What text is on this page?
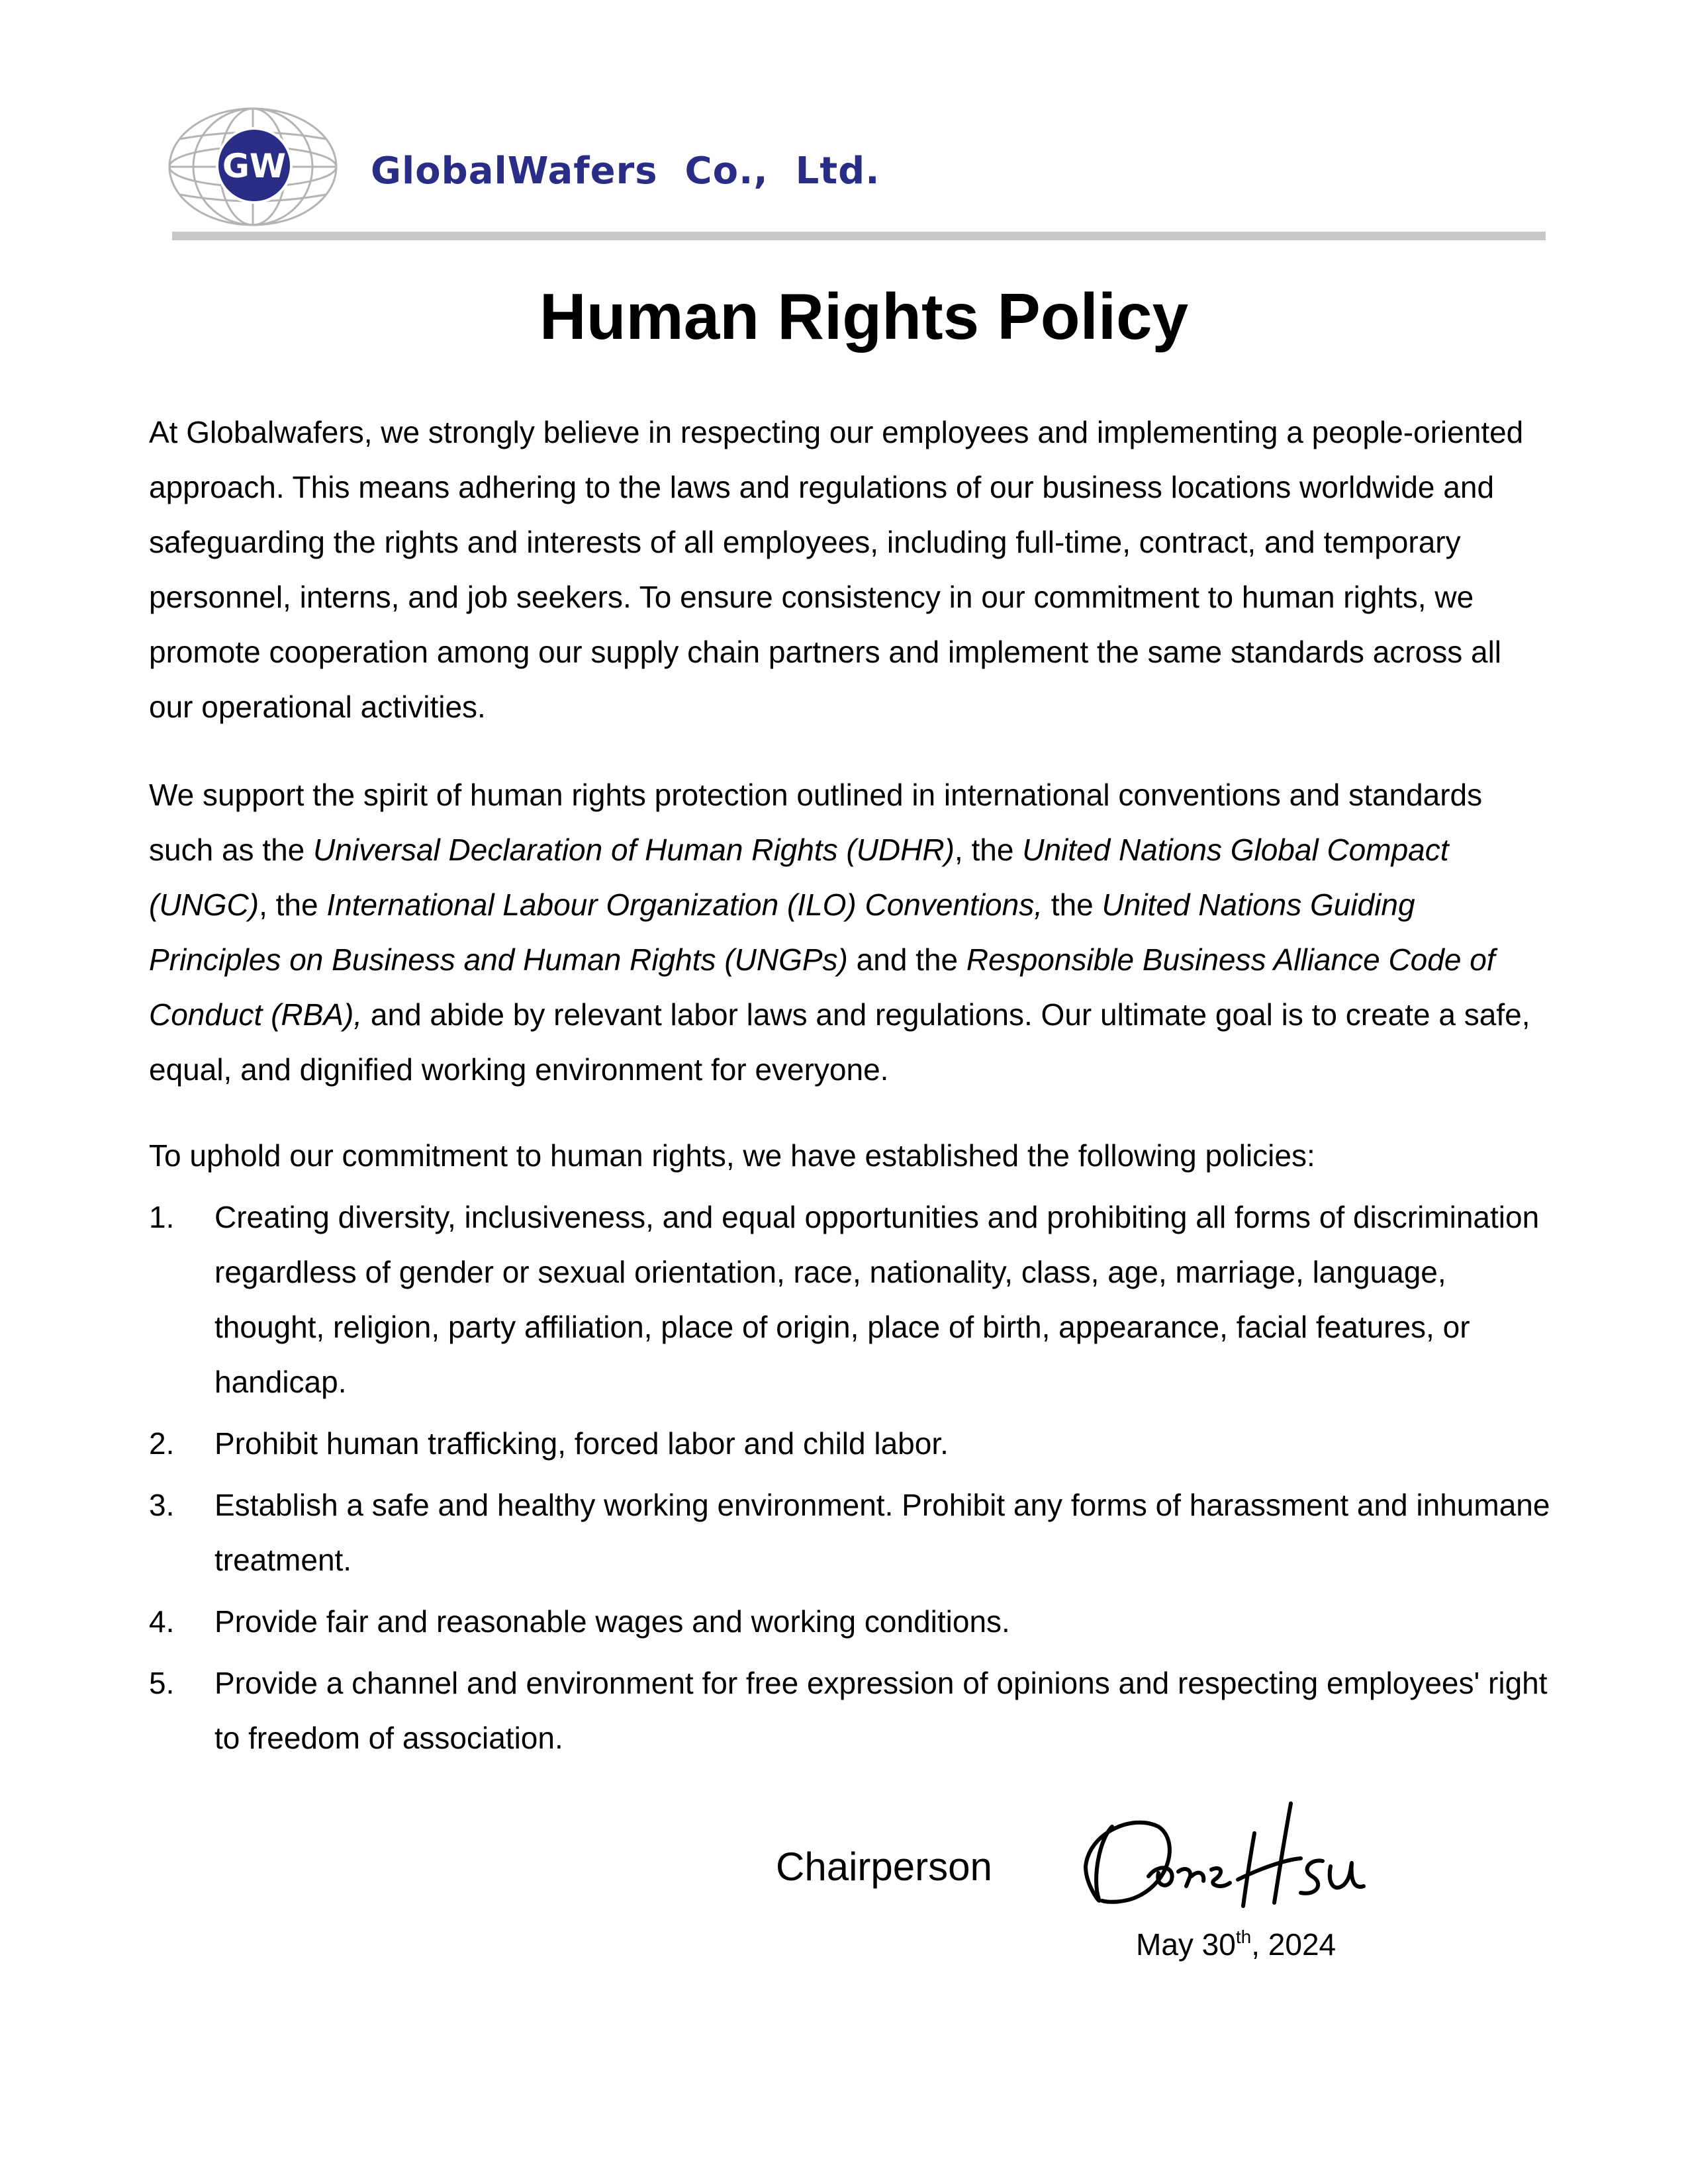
GW GlobalWafers  Co.,  Ltd.
Human Rights Policy

At Globalwafers, we strongly believe in respecting our employees and implementing a people-oriented approach. This means adhering to the laws and regulations of our business locations worldwide and safeguarding the rights and interests of all employees, including full-time, contract, and temporary personnel, interns, and job seekers. To ensure consistency in our commitment to human rights, we promote cooperation among our supply chain partners and implement the same standards across all our operational activities.

We support the spirit of human rights protection outlined in international conventions and standards such as the Universal Declaration of Human Rights (UDHR), the United Nations Global Compact (UNGC), the International Labour Organization (ILO) Conventions, the United Nations Guiding Principles on Business and Human Rights (UNGPs) and the Responsible Business Alliance Code of Conduct (RBA), and abide by relevant labor laws and regulations. Our ultimate goal is to create a safe, equal, and dignified working environment for everyone.

To uphold our commitment to human rights, we have established the following policies:

1. Creating diversity, inclusiveness, and equal opportunities and prohibiting all forms of discrimination regardless of gender or sexual orientation, race, nationality, class, age, marriage, language, thought, religion, party affiliation, place of origin, place of birth, appearance, facial features, or handicap.
2. Prohibit human trafficking, forced labor and child labor.
3. Establish a safe and healthy working environment. Prohibit any forms of harassment and inhumane treatment.
4. Provide fair and reasonable wages and working conditions.
5. Provide a channel and environment for free expression of opinions and respecting employees' right to freedom of association.
Chairperson
May 30th, 2024
